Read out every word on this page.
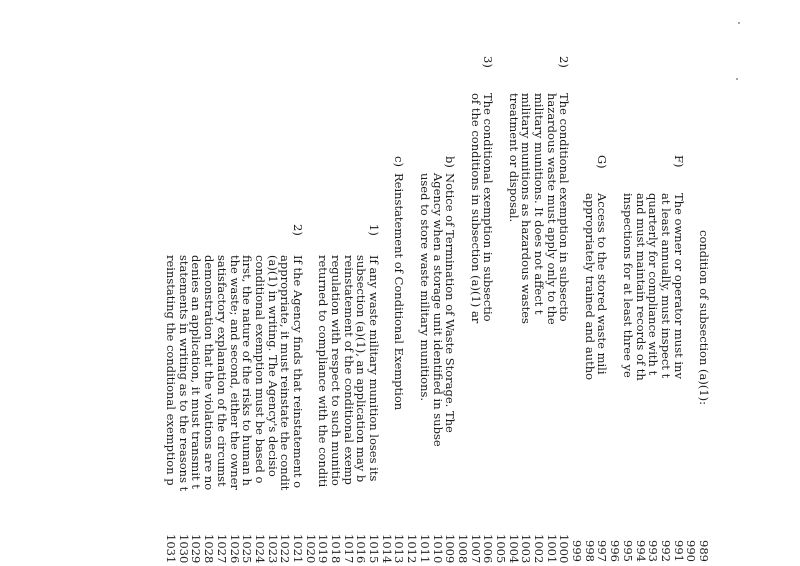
989
990
991
992
993
994
995
996
997
998
999
1000
1001
1002
1003
1004
1005
1006
1007
1008
1009
1010
1011
1012
1013
1014
1015
1016
1017
1018
1019
1020
1021
1022
1023
1024
1025
1026
1027
1028
1029
1030
1031
condition of subsection (a)(1):
F)
The owner or operator must inv
at least annually, must inspect t
quarterly for compliance with t
and must maintain records of th
inspections for at least three ye
G)
Access to the stored waste mili
appropriately trained and autho
2)
The conditional exemption in subsectio
hazardous waste must apply only to the
military munitions. It does not affect t
military munitions as hazardous wastes
treatment or disposal.
3)
The conditional exemption in subsectio
of the conditions in subsection (a)(1) ar
b)
Notice of Termination of Waste Storage. The
Agency when a storage unit identified in subse
used to store waste military munitions.
c)
Reinstatement of Conditional Exemption
1)
If any waste military munition loses its
subsection (a)(1), an application may b
reinstatement of the conditional exemp
regulation with respect to such munitio
returned to compliance with the conditi
2)
If the Agency finds that reinstatement o
appropriate, it must reinstate the condit
(a)(1) in writing. The Agency's decisio
conditional exemption must be based o
first, the nature of the risks to human h
the waste; and second, either the owner
satisfactory explanation of the circumst
demonstration that the violations are no
denies an application, it must transmit t
statements in writing as to the reasons t
reinstating the conditional exemption p
